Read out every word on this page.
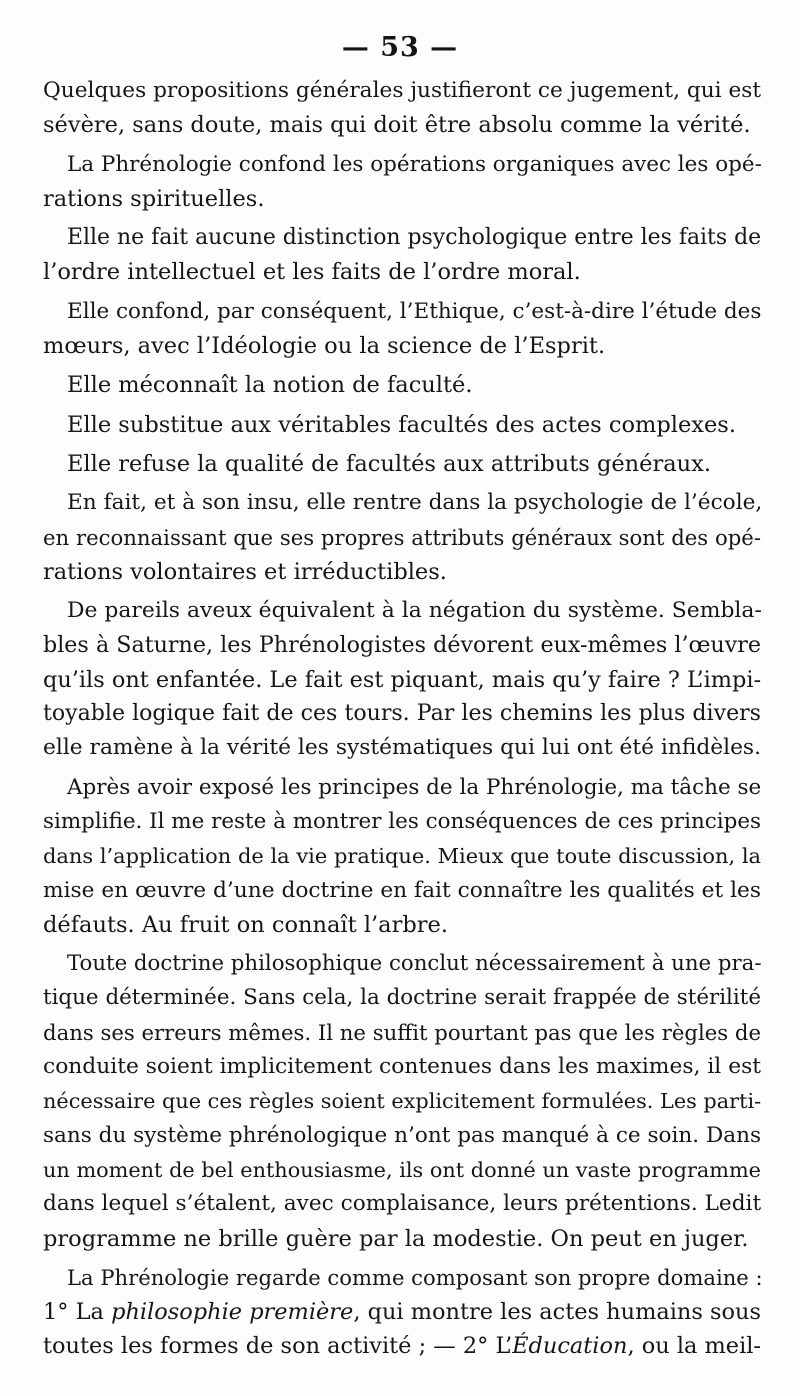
— 53 —
Quelques propositions générales justifieront ce jugement, qui est
sévère, sans doute, mais qui doit être absolu comme la vérité.
La Phrénologie confond les opérations organiques avec les opé-
rations spirituelles.
Elle ne fait aucune distinction psychologique entre les faits de
l’ordre intellectuel et les faits de l’ordre moral.
Elle confond, par conséquent, l’Ethique, c’est-à-dire l’étude des
mœurs, avec l’Idéologie ou la science de l’Esprit.
Elle méconnaît la notion de faculté.
Elle substitue aux véritables facultés des actes complexes.
Elle refuse la qualité de facultés aux attributs généraux.
En fait, et à son insu, elle rentre dans la psychologie de l’école,
en reconnaissant que ses propres attributs généraux sont des opé-
rations volontaires et irréductibles.
De pareils aveux équivalent à la négation du système. Sembla-
bles à Saturne, les Phrénologistes dévorent eux-mêmes l’œuvre
qu’ils ont enfantée. Le fait est piquant, mais qu’y faire ? L’impi-
toyable logique fait de ces tours. Par les chemins les plus divers
elle ramène à la vérité les systématiques qui lui ont été infidèles.
Après avoir exposé les principes de la Phrénologie, ma tâche se
simplifie. Il me reste à montrer les conséquences de ces principes
dans l’application de la vie pratique. Mieux que toute discussion, la
mise en œuvre d’une doctrine en fait connaître les qualités et les
défauts. Au fruit on connaît l’arbre.
Toute doctrine philosophique conclut nécessairement à une pra-
tique déterminée. Sans cela, la doctrine serait frappée de stérilité
dans ses erreurs mêmes. Il ne suffit pourtant pas que les règles de
conduite soient implicitement contenues dans les maximes, il est
nécessaire que ces règles soient explicitement formulées. Les parti-
sans du système phrénologique n’ont pas manqué à ce soin. Dans
un moment de bel enthousiasme, ils ont donné un vaste programme
dans lequel s’étalent, avec complaisance, leurs prétentions. Ledit
programme ne brille guère par la modestie. On peut en juger.
La Phrénologie regarde comme composant son propre domaine :
1° La philosophie première, qui montre les actes humains sous
toutes les formes de son activité ; — 2° L’Éducation, ou la meil-
